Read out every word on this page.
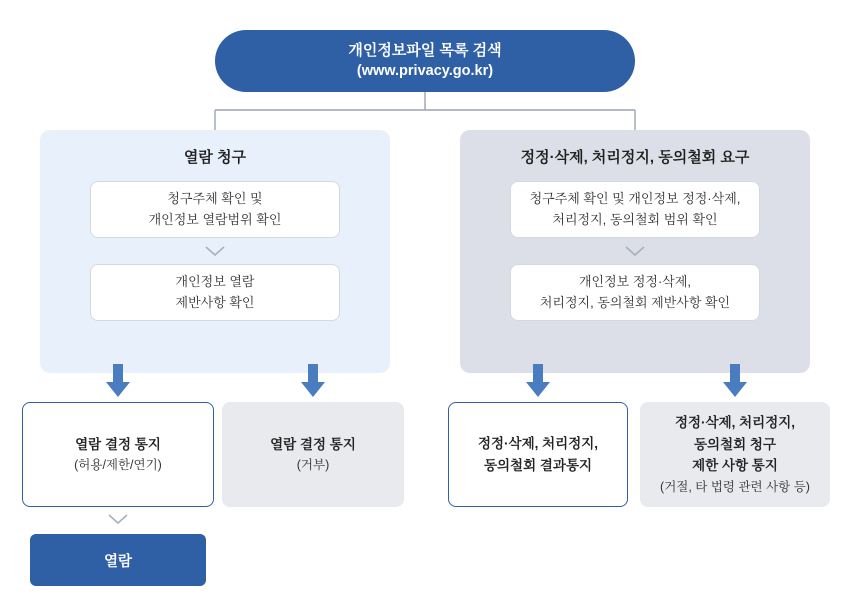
개인정보파일 목록 검색
(www.privacy.go.kr)
열람 청구
청구주체 확인 및
개인정보 열람범위 확인
개인정보 열람
제반사항 확인
정정·삭제, 처리정지, 동의철회 요구
청구주체 확인 및 개인정보 정정·삭제,
처리정지, 동의철회 범위 확인
개인정보 정정·삭제,
처리정지, 동의철회 제반사항 확인
열람 결정 통지
(허용/제한/연기)
열람 결정 통지
(거부)
정정·삭제, 처리정지,
동의철회 결과통지
정정·삭제, 처리정지,
동의철회 청구
제한 사항 통지
(거절, 타 법령 관련 사항 등)
열람
